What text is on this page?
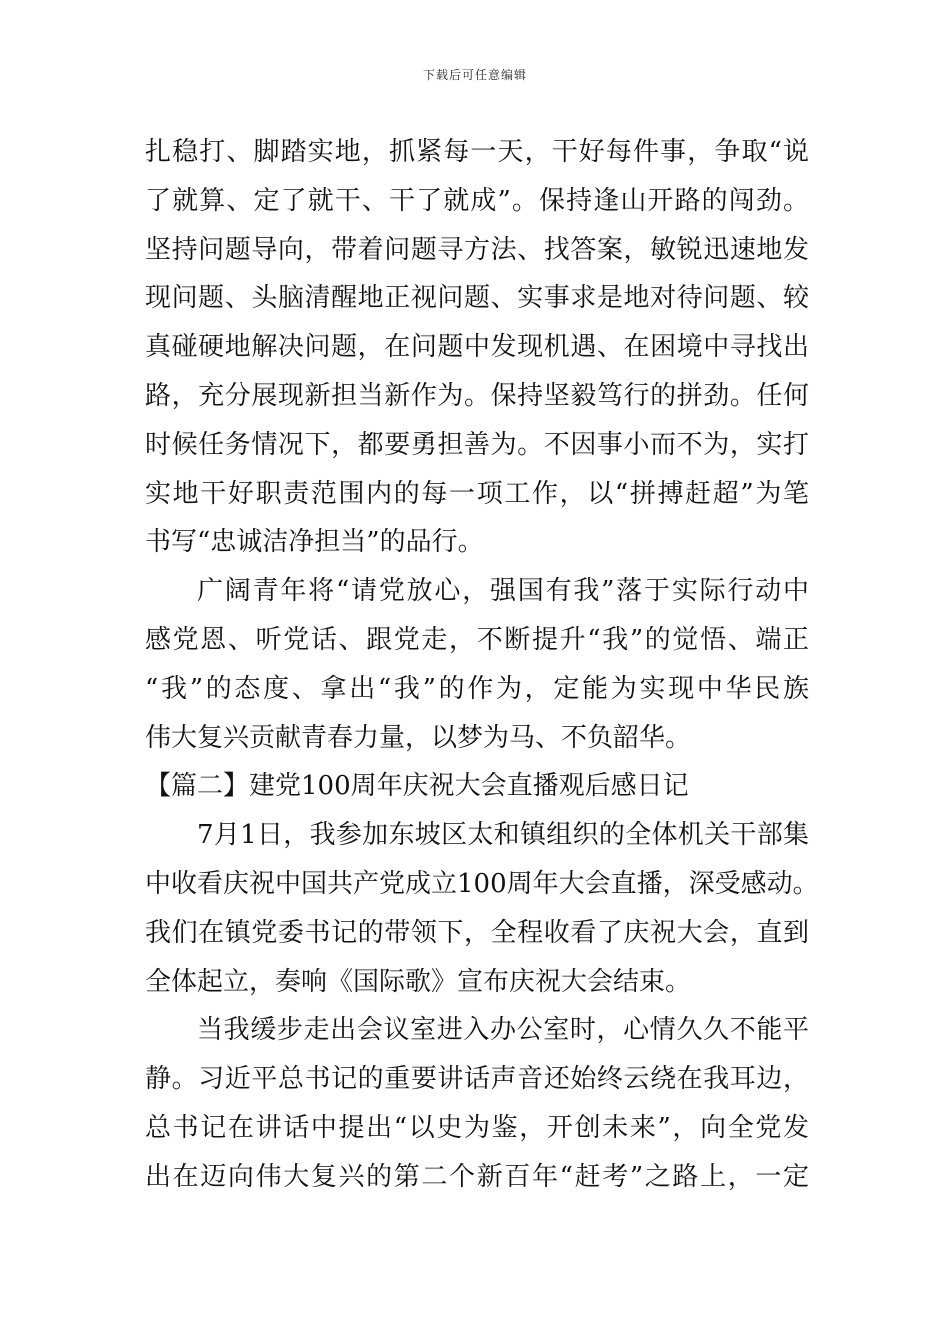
下载后可任意编辑
扎稳打、脚踏实地，抓紧每一天，干好每件事，争取“说
了就算、定了就干、干了就成”。保持逢山开路的闯劲。
坚持问题导向，带着问题寻方法、找答案，敏锐迅速地发
现问题、头脑清醒地正视问题、实事求是地对待问题、较
真碰硬地解决问题，在问题中发现机遇、在困境中寻找出
路，充分展现新担当新作为。保持坚毅笃行的拼劲。任何
时候任务情况下，都要勇担善为。不因事小而不为，实打
实地干好职责范围内的每一项工作，以“拼搏赶超”为笔
书写“忠诚洁净担当”的品行。
广阔青年将“请党放心，强国有我”落于实际行动中
感党恩、听党话、跟党走，不断提升“我”的觉悟、端正
“我”的态度、拿出“我”的作为，定能为实现中华民族
伟大复兴贡献青春力量，以梦为马、不负韶华。
【篇二】建党100周年庆祝大会直播观后感日记
7月1日，我参加东坡区太和镇组织的全体机关干部集
中收看庆祝中国共产党成立100周年大会直播，深受感动。
我们在镇党委书记的带领下，全程收看了庆祝大会，直到
全体起立，奏响《国际歌》宣布庆祝大会结束。
当我缓步走出会议室进入办公室时，心情久久不能平
静。习近平总书记的重要讲话声音还始终云绕在我耳边，
总书记在讲话中提出“以史为鉴，开创未来”，向全党发
出在迈向伟大复兴的第二个新百年“赶考”之路上，一定
